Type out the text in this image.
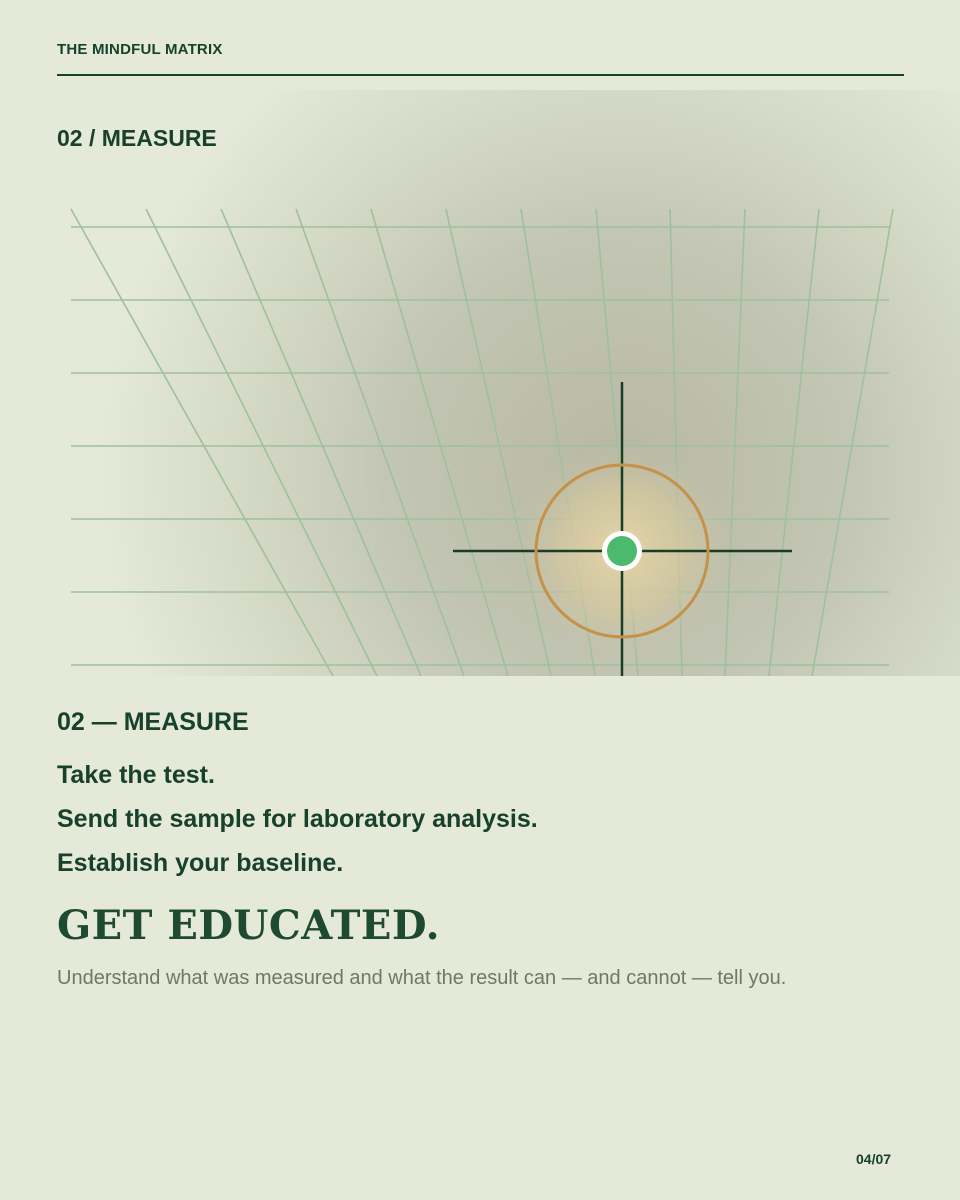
THE MINDFUL MATRIX
02 / MEASURE
02 — MEASURE
Take the test.
Send the sample for laboratory analysis.
Establish your baseline.
GET EDUCATED.
Understand what was measured and what the result can — and cannot — tell you.
04/07
